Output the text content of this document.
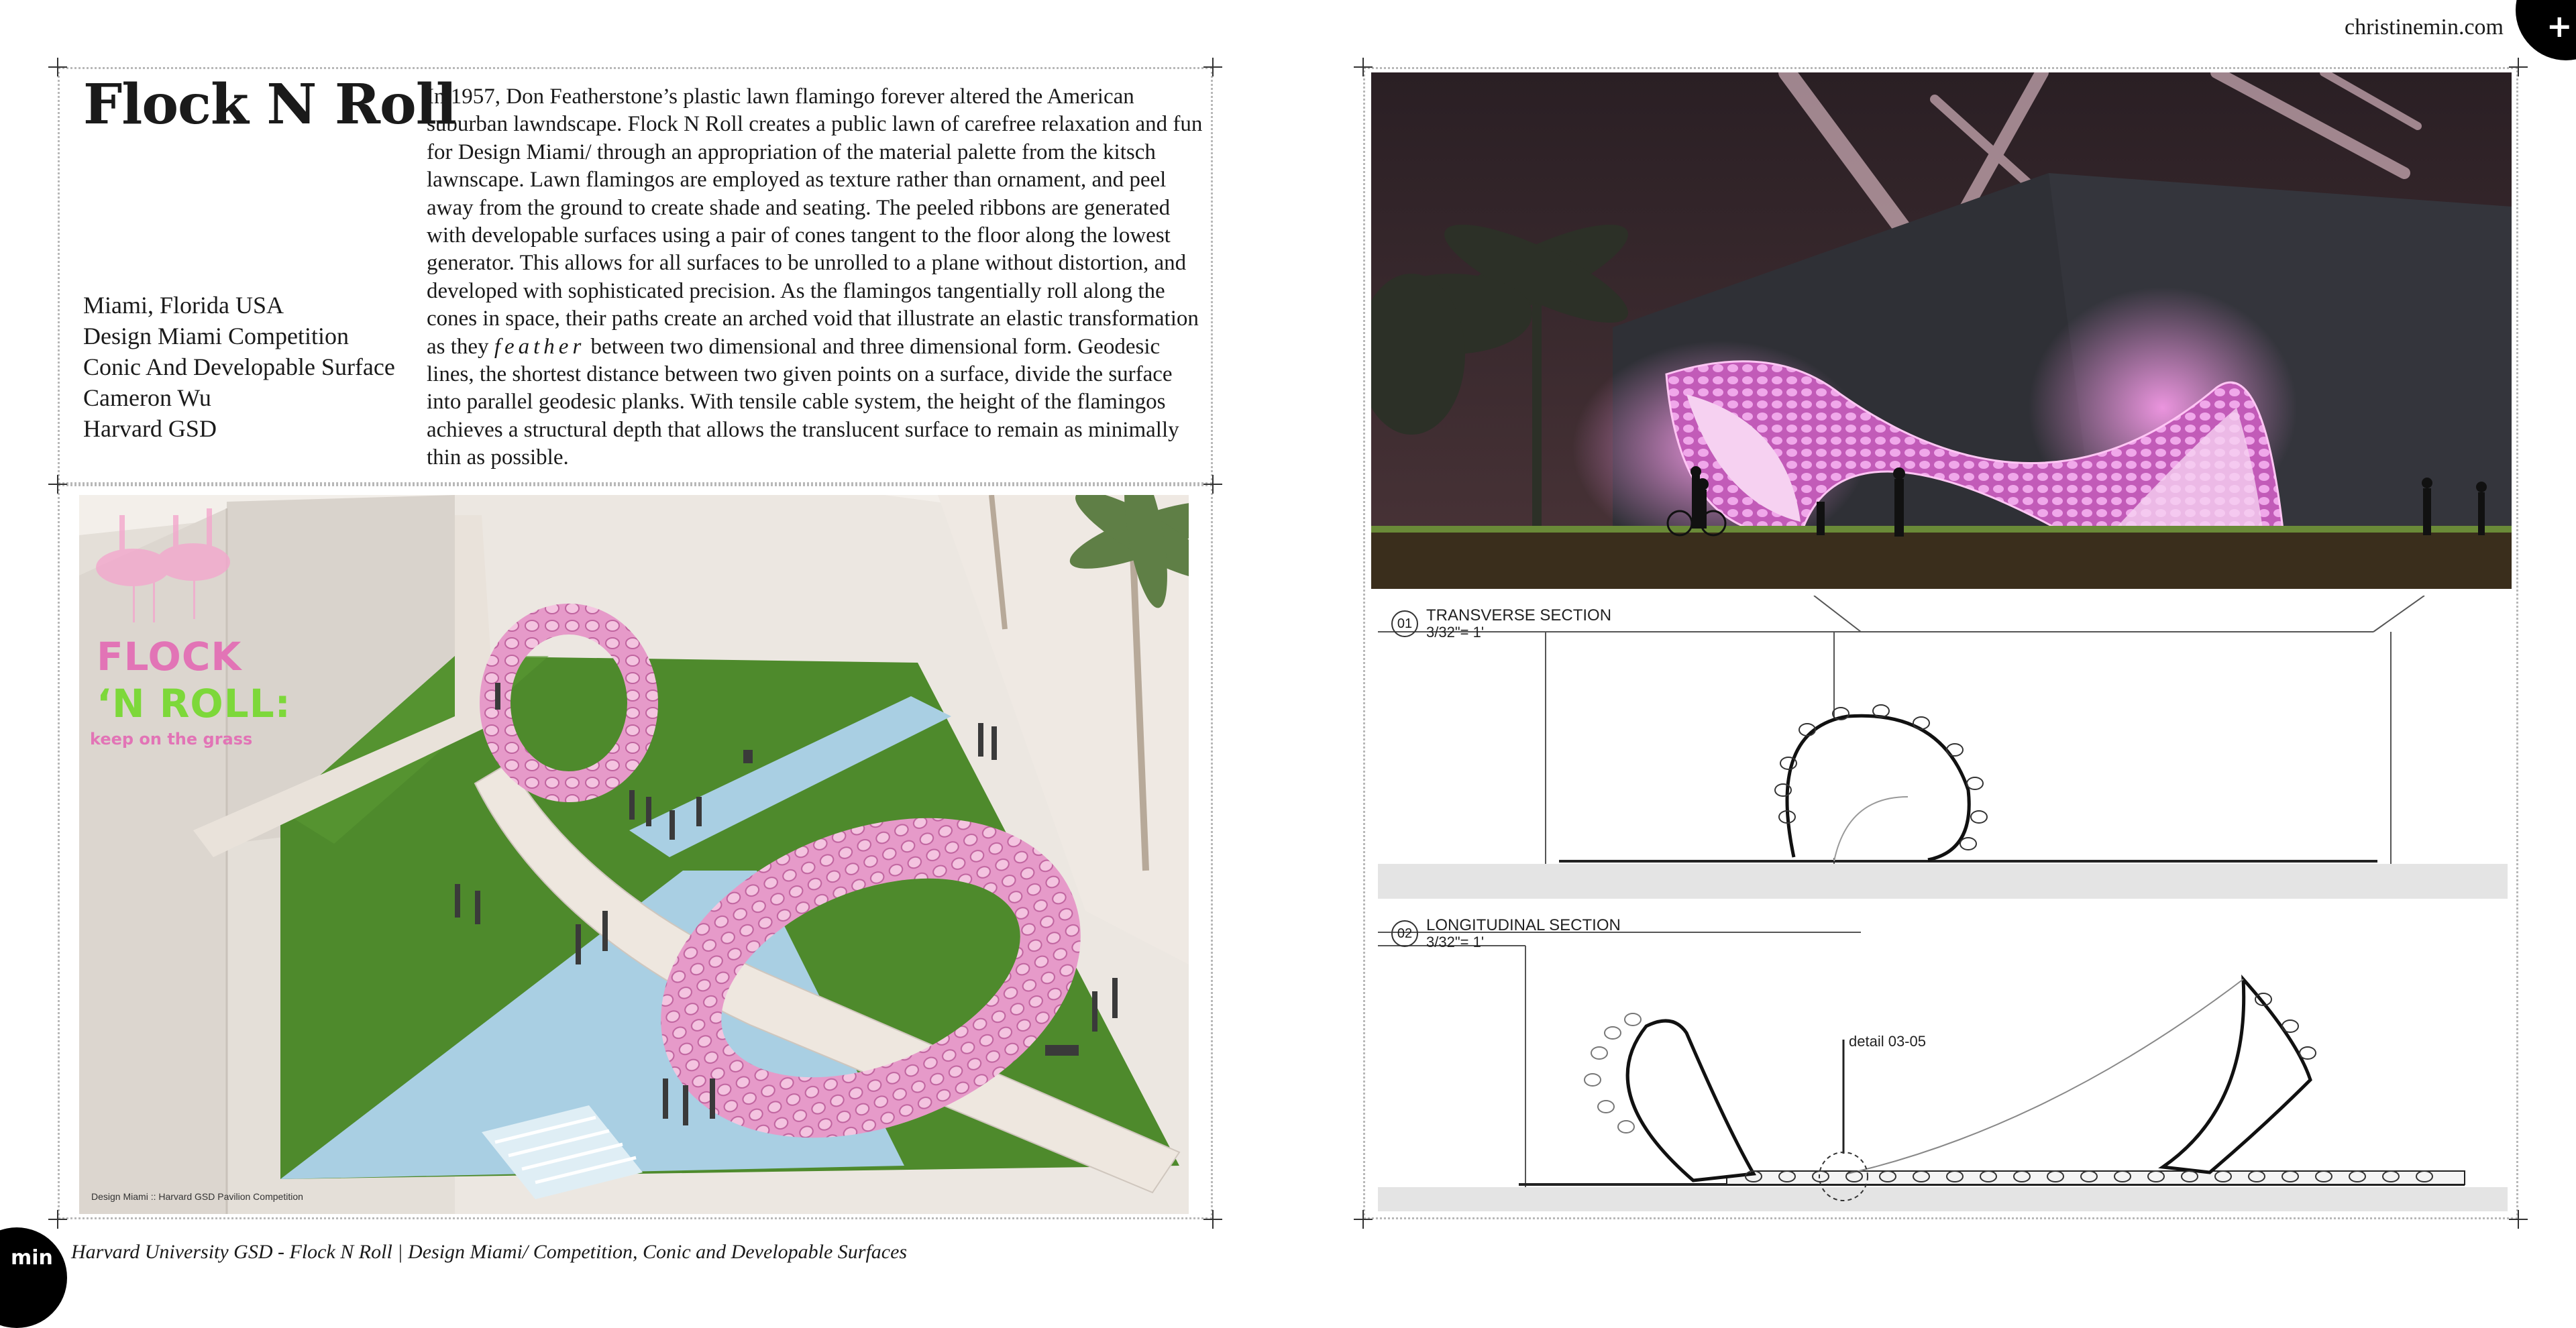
christinemin.com +
Flock N Roll
Miami, Florida USA
Design Miami Competition
Conic And Developable Surface
Cameron Wu
Harvard GSD
In 1957, Don Featherstone’s plastic lawn flamingo forever altered the American suburban lawndscape. Flock N Roll creates a public lawn of carefree relaxation and fun for Design Miami/ through an appropriation of the material palette from the kitsch lawnscape. Lawn flamingos are employed as texture rather than ornament, and peel away from the ground to create shade and seating. The peeled ribbons are generated with developable surfaces using a pair of cones tangent to the floor along the lowest generator. This allows for all surfaces to be unrolled to a plane without distortion, and developed with sophisticated precision. As the flamingos tangentially roll along the cones in space, their paths create an arched void that illustrate an elastic transformation as they feather between two dimensional and three dimensional form. Geodesic lines, the shortest distance between two given points on a surface, divide the surface into parallel geodesic planks. With tensile cable system, the height of the flamingos achieves a structural depth that allows the translucent surface to remain as minimally thin as possible.
FLOCK
‘N ROLL:
keep on the grass
Design Miami :: Harvard GSD Pavilion Competition
01 TRANSVERSE SECTION
3/32"= 1'
02 LONGITUDINAL SECTION
3/32"= 1'
detail 03-05
min Harvard University GSD - Flock N Roll | Design Miami/ Competition, Conic and Developable Surfaces
